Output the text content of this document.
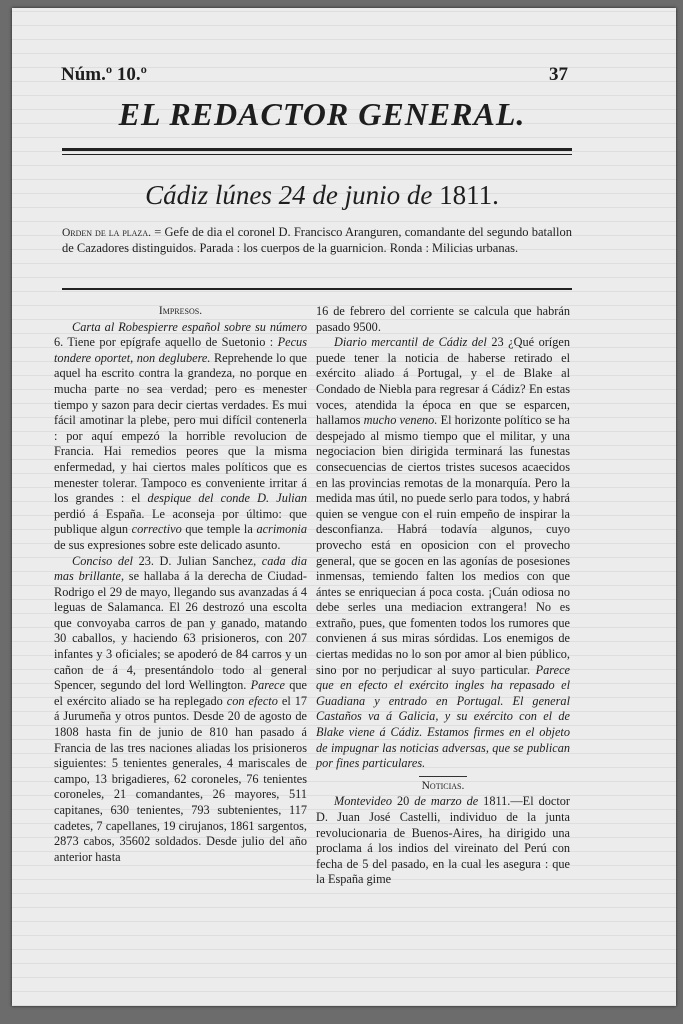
Núm.º 10.º	37
EL REDACTOR GENERAL.
Cádiz lúnes 24 de junio de 1811.
Orden de la plaza. = Gefe de dia el coronel D. Francisco Aranguren, comandante del segundo batallon de Cazadores distinguidos. Parada : los cuerpos de la guarnicion. Ronda : Milicias urbanas.

Impresos.

Carta al Robespierre español sobre su número 6. Tiene por epígrafe aquello de Suetonio : Pecus tondere oportet, non deglubere. Reprehende lo que aquel ha escrito contra la grandeza, no porque en mucha parte no sea verdad; pero es menester tiempo y sazon para decir ciertas verdades. Es mui fácil amotinar la plebe, pero mui difícil contenerla : por aquí empezó la horrible revolucion de Francia. Hai remedios peores que la misma enfermedad, y hai ciertos males políticos que es menester tolerar. Tampoco es conveniente irritar á los grandes : el despique del conde D. Julian perdió á España. Le aconseja por último: que publique algun correctivo que temple la acrimonia de sus expresiones sobre este delicado asunto.

Conciso del 23. D. Julian Sanchez, cada dia mas brillante, se hallaba á la derecha de Ciudad-Rodrigo el 29 de mayo, llegando sus avanzadas á 4 leguas de Salamanca. El 26 destrozó una escolta que convoyaba carros de pan y ganado, matando 30 caballos, y haciendo 63 prisioneros, con 207 infantes y 3 oficiales; se apoderó de 84 carros y un cañon de á 4, presentándolo todo al general Spencer, segundo del lord Wellington. Parece que el exército aliado se ha replegado con efecto el 17 á Jurumeña y otros puntos. Desde 20 de agosto de 1808 hasta fin de junio de 810 han pasado á Francia de las tres naciones aliadas los prisioneros siguientes: 5 tenientes generales, 4 mariscales de campo, 13 brigadieres, 62 coroneles, 76 tenientes coroneles, 21 comandantes, 26 mayores, 511 capitanes, 630 tenientes, 793 subtenientes, 117 cadetes, 7 capellanes, 19 cirujanos, 1861 sargentos, 2873 cabos, 35602 soldados. Desde julio del año anterior hasta

16 de febrero del corriente se calcula que habrán pasado 9500.

Diario mercantil de Cádiz del 23 ¿Qué orígen puede tener la noticia de haberse retirado el exército aliado á Portugal, y el de Blake al Condado de Niebla para regresar á Cádiz? En estas voces, atendida la época en que se esparcen, hallamos mucho veneno. El horizonte político se ha despejado al mismo tiempo que el militar, y una negociacion bien dirigida terminará las funestas consecuencias de ciertos tristes sucesos acaecidos en las provincias remotas de la monarquía. Pero la medida mas útil, no puede serlo para todos, y habrá quien se vengue con el ruin empeño de inspirar la desconfianza. Habrá todavía algunos, cuyo provecho está en oposicion con el provecho general, que se gocen en las agonías de posesiones inmensas, temiendo falten los medios con que ántes se enriquecian á poca costa. ¡Cuán odiosa no debe serles una mediacion extrangera! No es extraño, pues, que fomenten todos los rumores que convienen á sus miras sórdidas. Los enemigos de ciertas medidas no lo son por amor al bien público, sino por no perjudicar al suyo particular. Parece que en efecto el exército ingles ha repasado el Guadiana y entrado en Portugal. El general Castaños va á Galicia, y su exército con el de Blake viene á Cádiz. Estamos firmes en el objeto de impugnar las noticias adversas, que se publican por fines particulares.

Noticias.

Montevideo 20 de marzo de 1811.—El doctor D. Juan José Castelli, individuo de la junta revolucionaria de Buenos-Aires, ha dirigido una proclama á los indios del vireinato del Perú con fecha de 5 del pasado, en la cual les asegura : que la España gime
